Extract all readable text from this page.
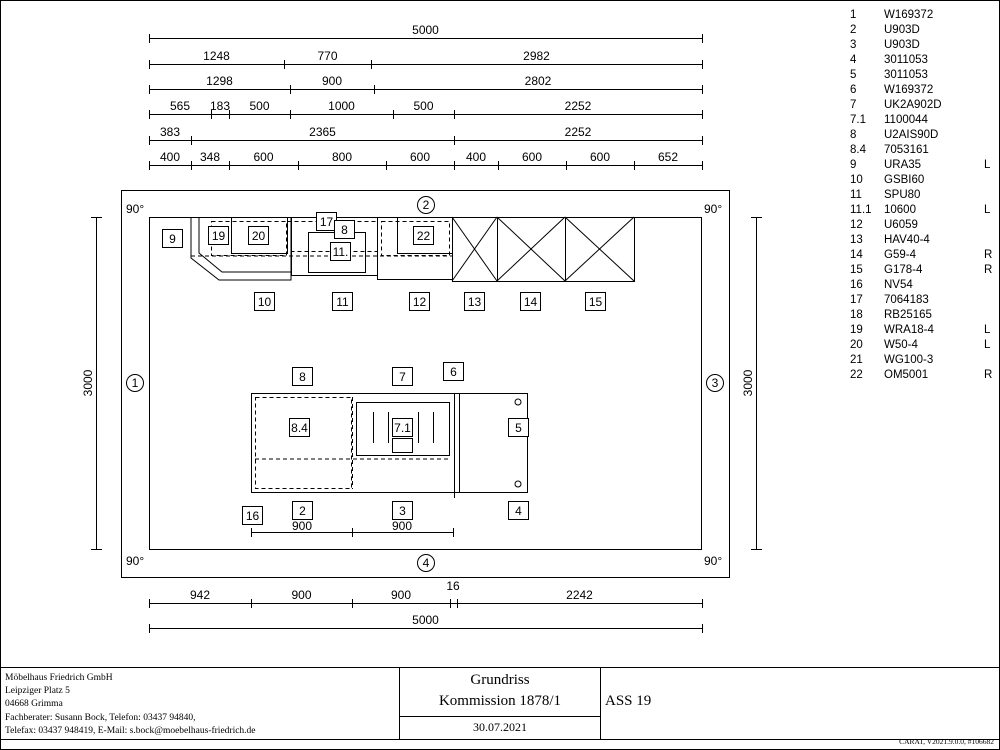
5000
1248	770	2982
1298	900	2802
565 183 500	1000	500	2252
383	2365	2252
400 348	600	800	600	400	600	600	652
942	900	900
16
2242
5000
3000	3000
90°	90°
90°	90°
2
1	3
4
900	900
9	19 20
17
8
11.
22
10	11	12	13	14	15
8	7	6
8.4	7.1	5
16	2	3	4
1 W169372
2 U903D
3 U903D
4 3011053
5 3011053
6 W169372
7 UK2A902D
7.1 1100044
8 U2AIS90D
8.4 7053161
9 URA35	L
10 GSBI60
11 SPU80
11.1 10600	L
12 U6059
13 HAV40-4
14 G59-4	R
15 G178-4	R
16 NV54
17 7064183
18 RB25165
19 WRA18-4	L
20 W50-4	L
21 WG100-3
22 OM5001	R
Möbelhaus Friedrich GmbH
Leipziger Platz 5
04668 Grimma
Fachberater: Susann Bock, Telefon: 03437 94840,
Telefax: 03437 948419, E-Mail: s.bock@moebelhaus-friedrich.de
Grundriss
Kommission 1878/1
30.07.2021
ASS 19
CARAT, V2021.9.0.0, #106682
